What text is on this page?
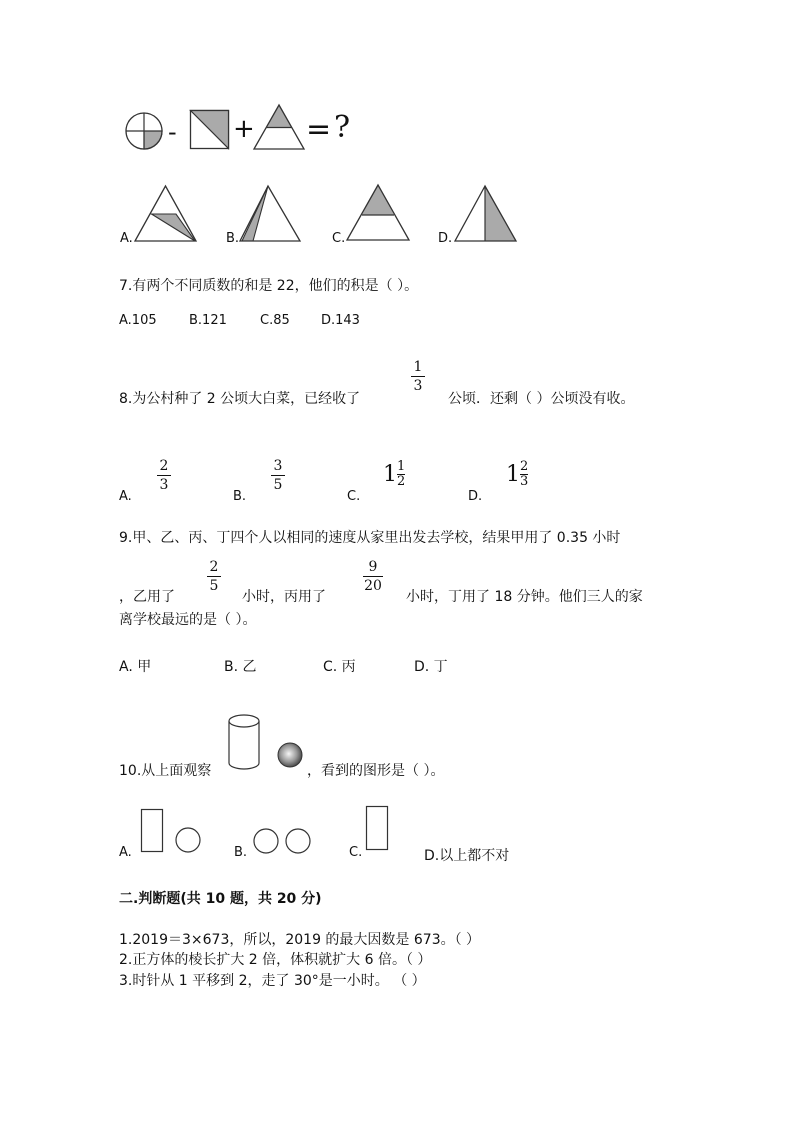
- + = ?
A.	B.	C.	D.
7.有两个不同质数的和是 22，他们的积是（ ）。
A.105 B.121	C.85 D.143
1
3
8.为公村种了 2 公顷大白菜，已经收了	公顷．还剩（ ）公顷没有收。
A.
2
3
B.
3
5
C.
$1 \frac{1}{2}$
D.
$1 \frac{2}{3}$
9.甲、乙、丙、丁四个人以相同的速度从家里出发去学校，结果甲用了 0.35 小时
2
5
9
20
，乙用了	小时，丙用了	小时，丁用了 18 分钟。他们三人的家
离学校最远的是（ ）。
A. 甲	B. 乙	C. 丙	D. 丁
10.从上面观察	，看到的图形是（ ）。
A.	B.	C.	D.以上都不对
二.判断题(共 10 题，共 20 分)
1.2019＝3×673，所以，2019 的最大因数是 673。（ ）
2.正方体的棱长扩大 2 倍，体积就扩大 6 倍。（ ）
3.时针从 1 平移到 2，走了 30°是一小时。 （ ）
